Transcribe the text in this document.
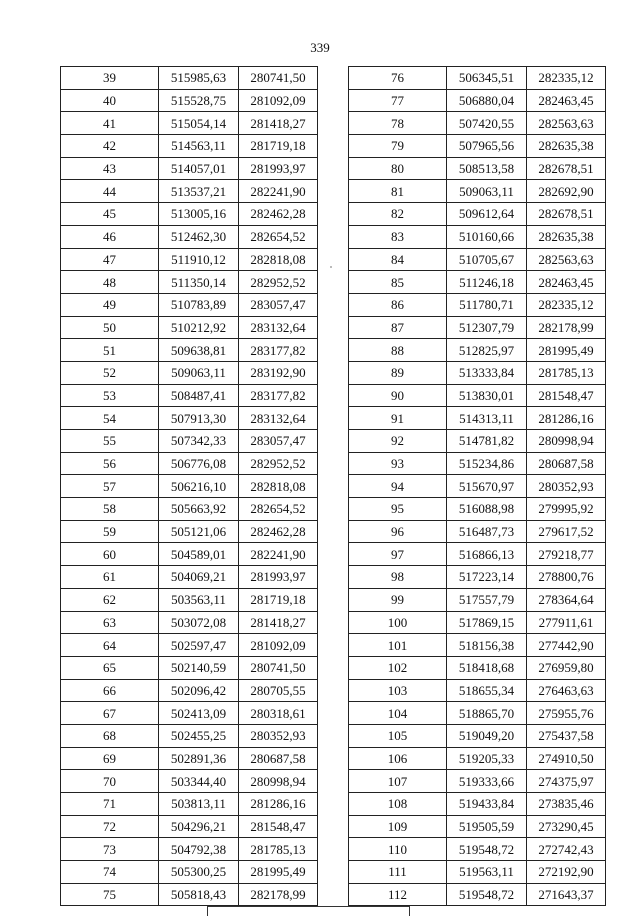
339
39	515985,63	280741,50
40	515528,75	281092,09
41	515054,14	281418,27
42	514563,11	281719,18
43	514057,01	281993,97
44	513537,21	282241,90
45	513005,16	282462,28
46	512462,30	282654,52
47	511910,12	282818,08
48	511350,14	282952,52
49	510783,89	283057,47
50	510212,92	283132,64
51	509638,81	283177,82
52	509063,11	283192,90
53	508487,41	283177,82
54	507913,30	283132,64
55	507342,33	283057,47
56	506776,08	282952,52
57	506216,10	282818,08
58	505663,92	282654,52
59	505121,06	282462,28
60	504589,01	282241,90
61	504069,21	281993,97
62	503563,11	281719,18
63	503072,08	281418,27
64	502597,47	281092,09
65	502140,59	280741,50
66	502096,42	280705,55
67	502413,09	280318,61
68	502455,25	280352,93
69	502891,36	280687,58
70	503344,40	280998,94
71	503813,11	281286,16
72	504296,21	281548,47
73	504792,38	281785,13
74	505300,25	281995,49
75	505818,43	282178,99
76	506345,51	282335,12
77	506880,04	282463,45
78	507420,55	282563,63
79	507965,56	282635,38
80	508513,58	282678,51
81	509063,11	282692,90
82	509612,64	282678,51
83	510160,66	282635,38
84	510705,67	282563,63
85	511246,18	282463,45
86	511780,71	282335,12
87	512307,79	282178,99
88	512825,97	281995,49
89	513333,84	281785,13
90	513830,01	281548,47
91	514313,11	281286,16
92	514781,82	280998,94
93	515234,86	280687,58
94	515670,97	280352,93
95	516088,98	279995,92
96	516487,73	279617,52
97	516866,13	279218,77
98	517223,14	278800,76
99	517557,79	278364,64
100	517869,15	277911,61
101	518156,38	277442,90
102	518418,68	276959,80
103	518655,34	276463,63
104	518865,70	275955,76
105	519049,20	275437,58
106	519205,33	274910,50
107	519333,66	274375,97
108	519433,84	273835,46
109	519505,59	273290,45
110	519548,72	272742,43
111	519563,11	272192,90
112	519548,72	271643,37
